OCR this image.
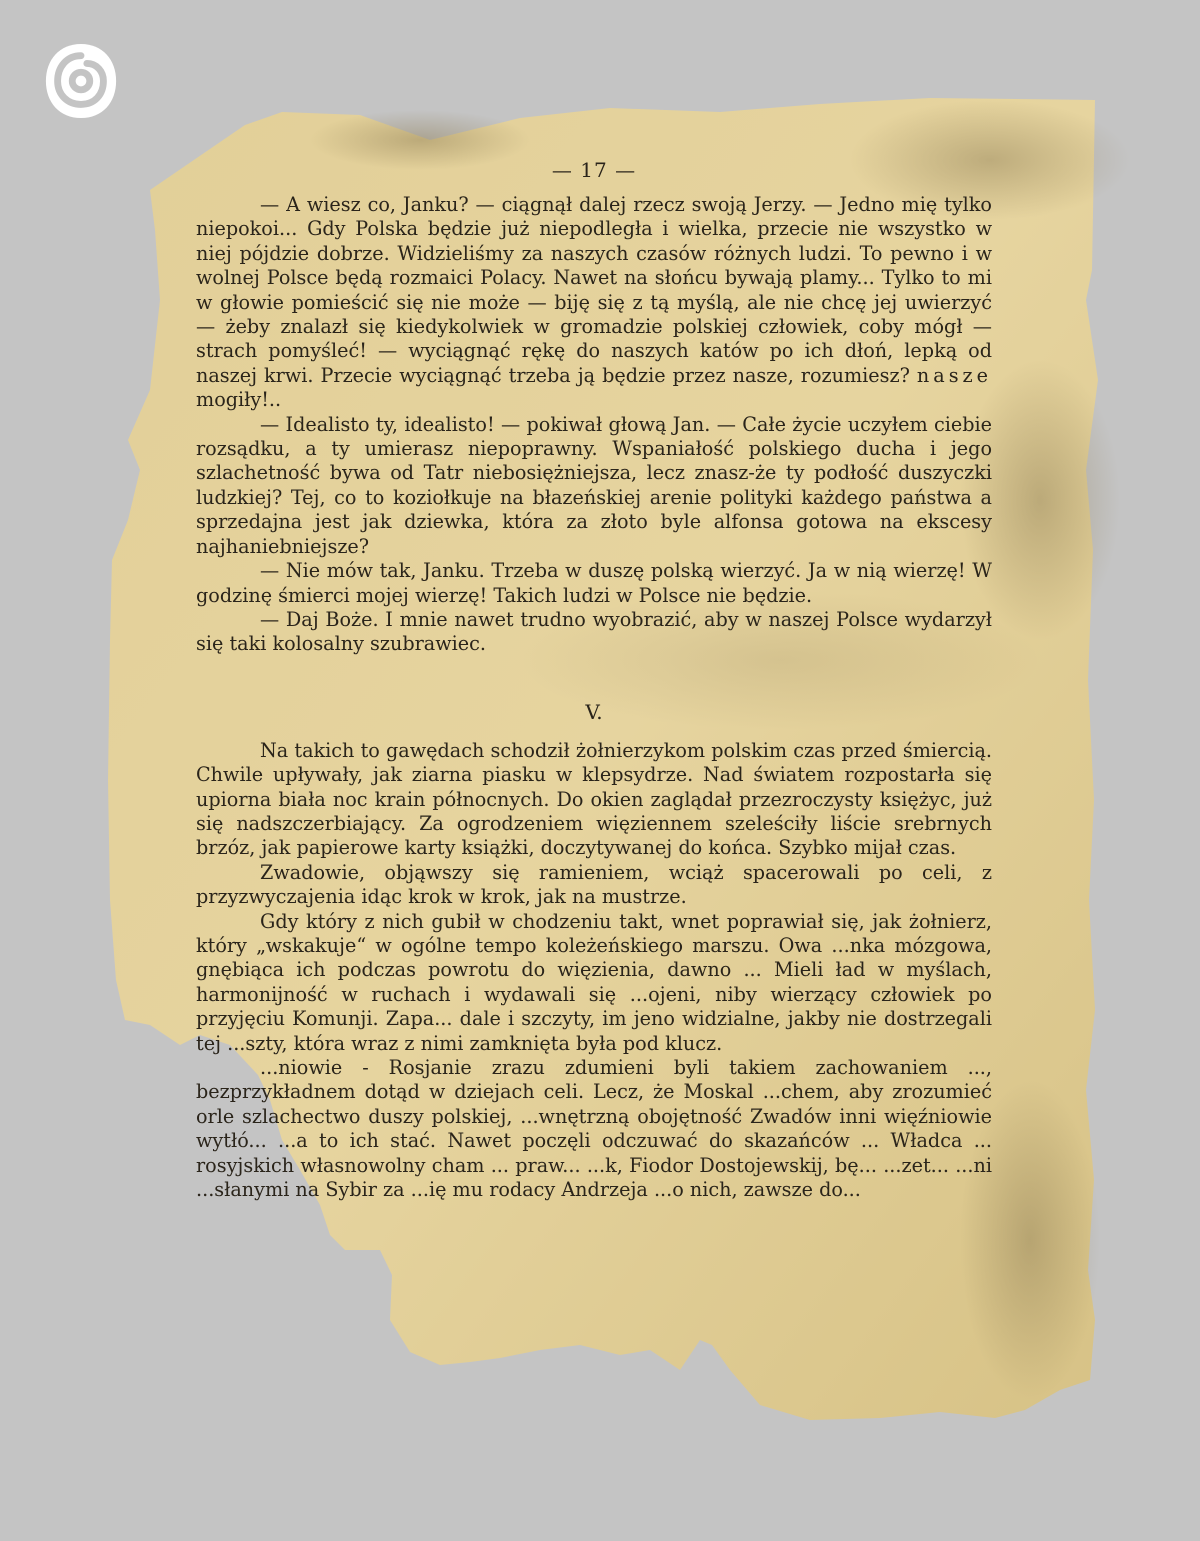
— 17 —

— A wiesz co, Janku? — ciągnął dalej rzecz swoją Jerzy. — Jedno mię tylko niepokoi... Gdy Polska będzie już niepodległa i wielka, przecie nie wszystko w niej pójdzie dobrze. Widzieliśmy za naszych czasów różnych ludzi. To pewno i w wolnej Polsce będą rozmaici Polacy. Nawet na słońcu bywają plamy... Tylko to mi w głowie pomieścić się nie może — biję się z tą myślą, ale nie chcę jej uwierzyć — żeby znalazł się kiedykolwiek w gromadzie polskiej człowiek, coby mógł — strach pomyśleć! — wyciągnąć rękę do naszych katów po ich dłoń, lepką od naszej krwi. Przecie wyciągnąć trzeba ją będzie przez nasze, rozumiesz? nasze mogiły!..

— Idealisto ty, idealisto! — pokiwał głową Jan. — Całe życie uczyłem ciebie rozsądku, a ty umierasz niepoprawny. Wspaniałość polskiego ducha i jego szlachetność bywa od Tatr niebosiężniejsza, lecz znasz-że ty podłość duszyczki ludzkiej? Tej, co to koziołkuje na błazeńskiej arenie polityki każdego państwa a sprzedajna jest jak dziewka, która za złoto byle alfonsa gotowa na ekscesy najhaniebniejsze?

— Nie mów tak, Janku. Trzeba w duszę polską wierzyć. Ja w nią wierzę! W godzinę śmierci mojej wierzę! Takich ludzi w Polsce nie będzie.

— Daj Boże. I mnie nawet trudno wyobrazić, aby w naszej Polsce wydarzył się taki kolosalny szubrawiec.

V.

Na takich to gawędach schodził żołnierzykom polskim czas przed śmiercią. Chwile upływały, jak ziarna piasku w klepsydrze. Nad światem rozpostarła się upiorna biała noc krain północnych. Do okien zaglądał przezroczysty księżyc, już się nadszczerbiający. Za ogrodzeniem więziennem szeleściły liście srebrnych brzóz, jak papierowe karty książki, doczytywanej do końca. Szybko mijał czas.

Zwadowie, objąwszy się ramieniem, wciąż spacerowali po celi, z przyzwyczajenia idąc krok w krok, jak na mustrze.

Gdy który z nich gubił w chodzeniu takt, wnet poprawiał się, jak żołnierz, który „wskakuje“ w ogólne tempo koleżeńskiego marszu. Owa ...nka mózgowa, gnębiąca ich podczas powrotu do więzienia, dawno ... Mieli ład w myślach, harmonijność w ruchach i wydawali się ...ojeni, niby wierzący człowiek po przyjęciu Komunji. Zapa... dale i szczyty, im jeno widzialne, jakby nie dostrzegali tej ...szty, która wraz z nimi zamknięta była pod klucz.

...niowie - Rosjanie zrazu zdumieni byli takiem zachowaniem ..., bezprzykładnem dotąd w dziejach celi. Lecz, że Moskal ...chem, aby zrozumieć orle szlachectwo duszy polskiej, ...wnętrzną obojętność Zwadów inni więźniowie wytłó... ...a to ich stać. Nawet poczęli odczuwać do skazańców ... Władca ... rosyjskich własnowolny cham ... praw... ...k, Fiodor Dostojewskij, bę... ...zet... ...ni ...słanymi na Sybir za ...ię mu rodacy Andrzeja ...o nich, zawsze do...
